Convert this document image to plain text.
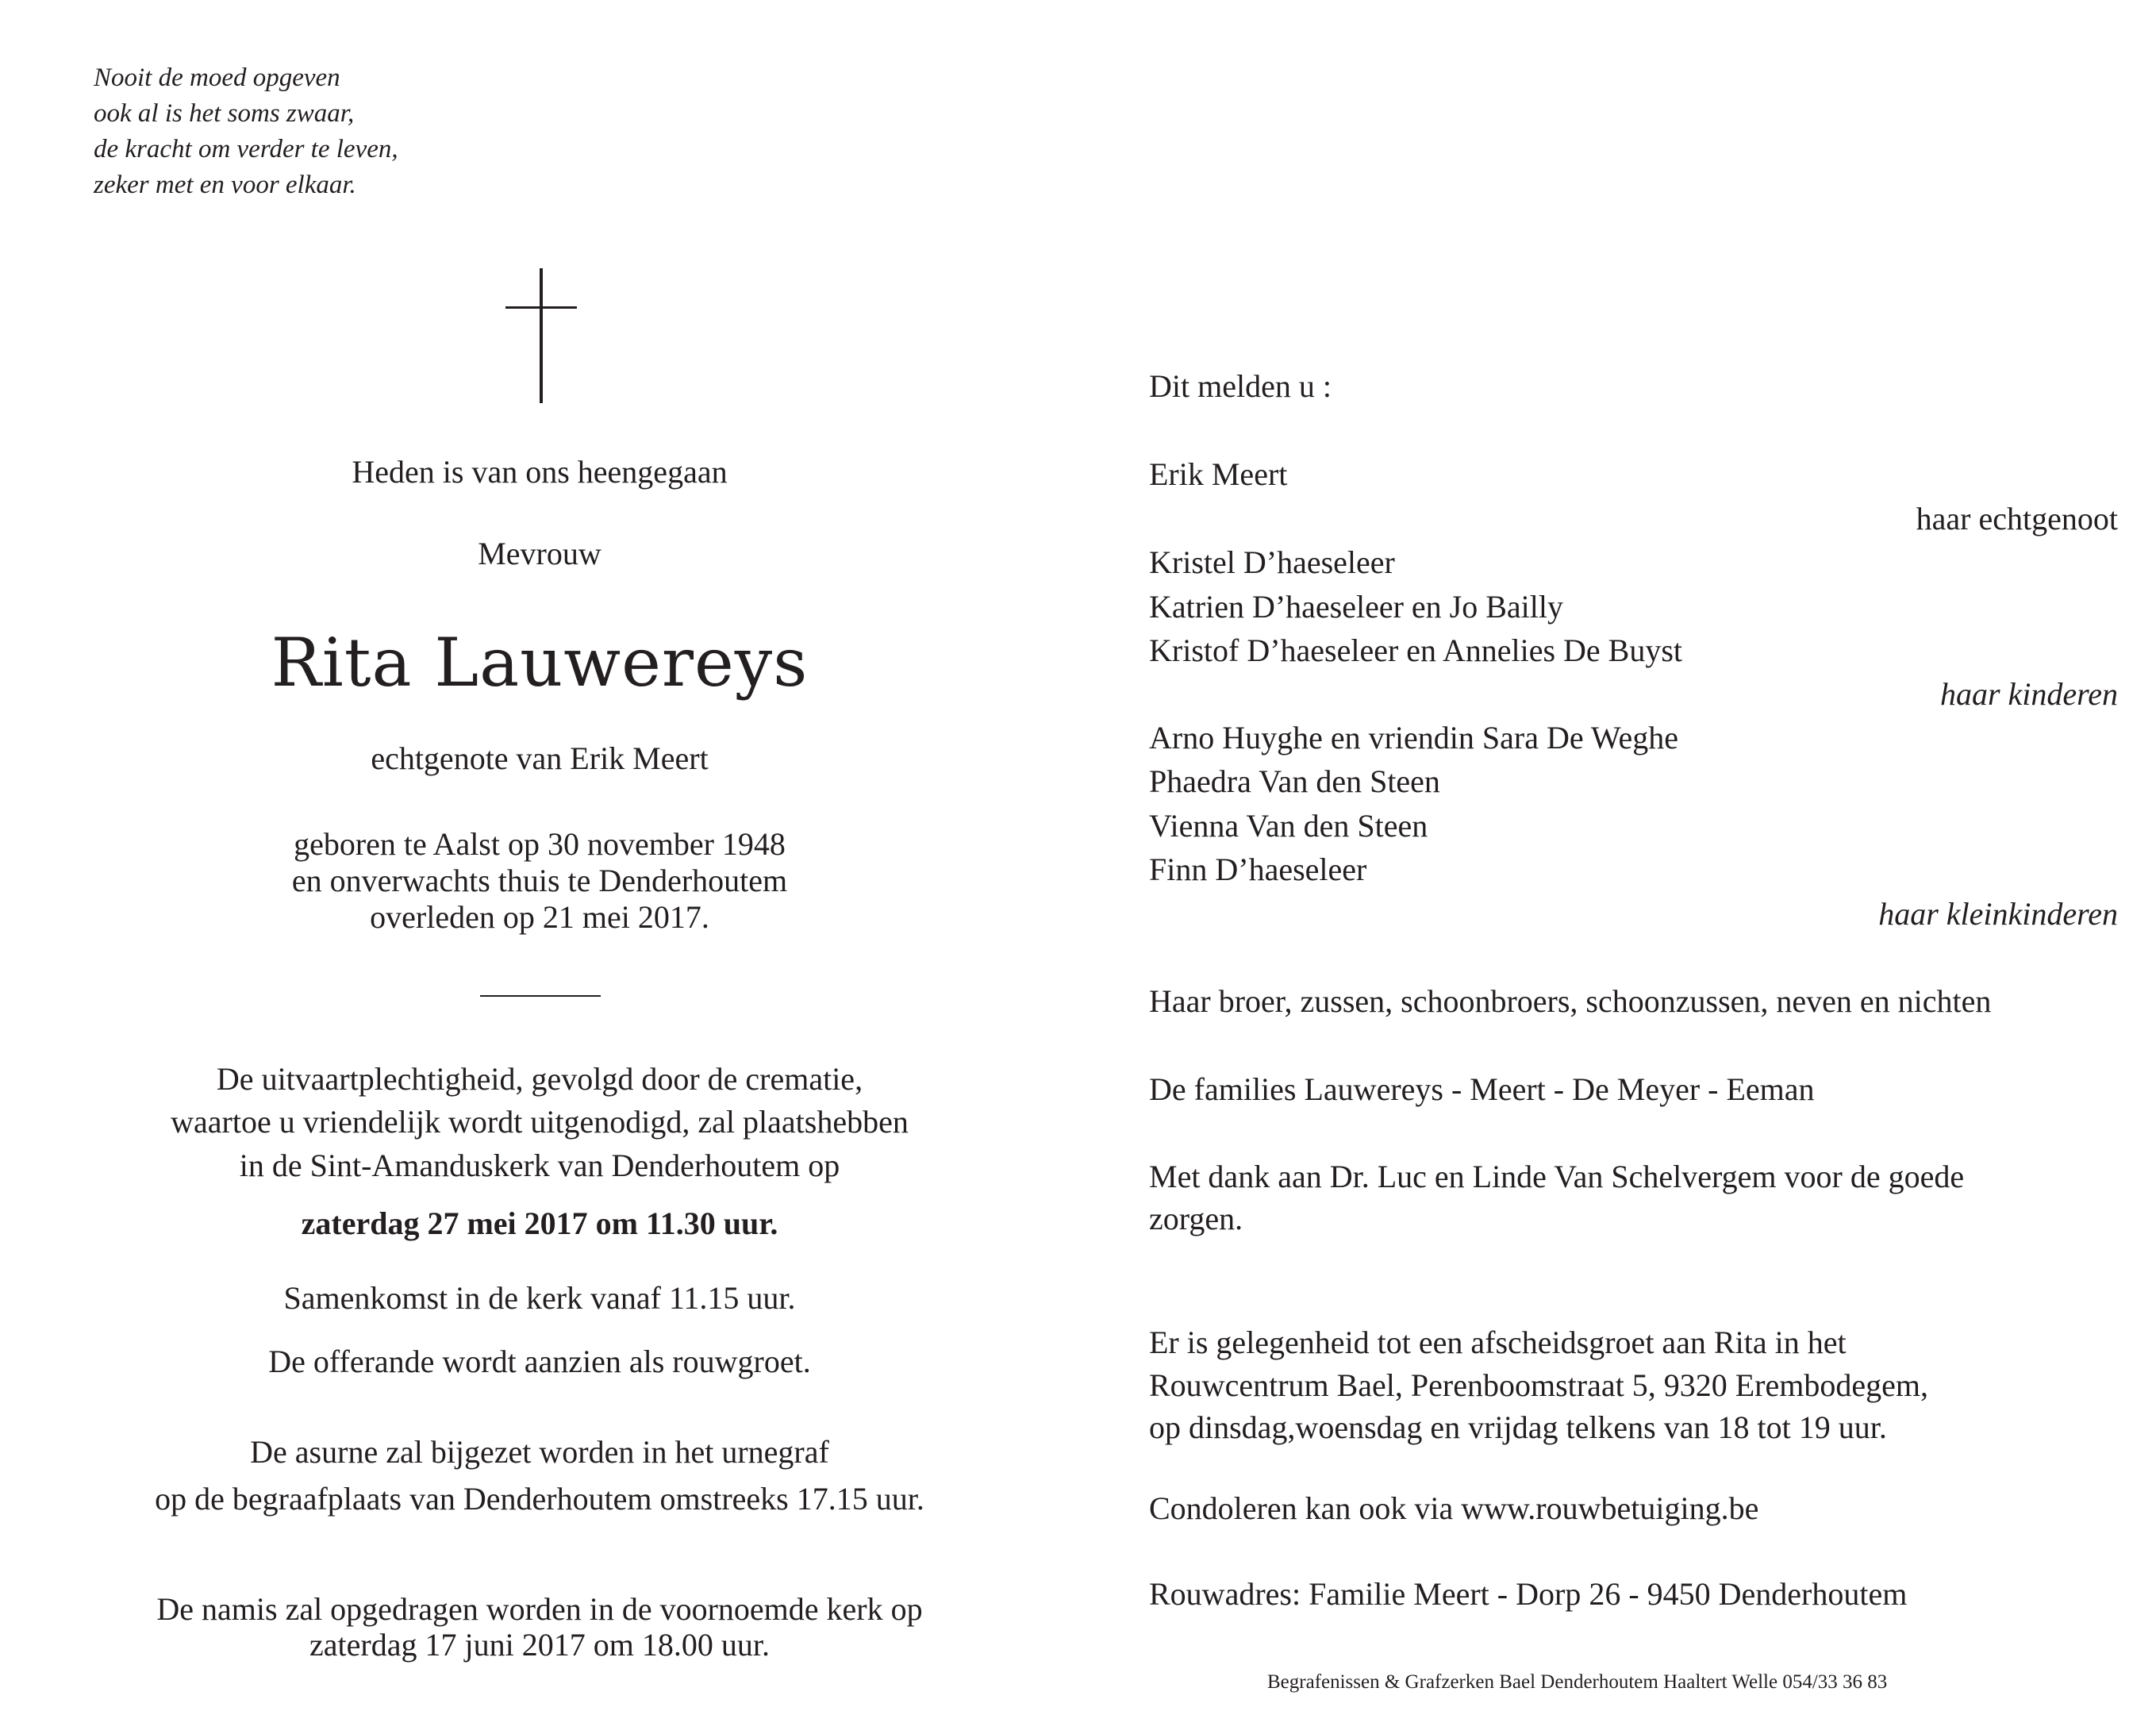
Nooit de moed opgeven
ook al is het soms zwaar,
de kracht om verder te leven,
zeker met en voor elkaar.
Heden is van ons heengegaan
Mevrouw
Rita Lauwereys
echtgenote van Erik Meert
geboren te Aalst op 30 november 1948
en onverwachts thuis te Denderhoutem
overleden op 21 mei 2017.
De uitvaartplechtigheid, gevolgd door de crematie,
waartoe u vriendelijk wordt uitgenodigd, zal plaatshebben
in de Sint-Amanduskerk van Denderhoutem op
zaterdag 27 mei 2017 om 11.30 uur.
Samenkomst in de kerk vanaf 11.15 uur.
De offerande wordt aanzien als rouwgroet.
De asurne zal bijgezet worden in het urnegraf
op de begraafplaats van Denderhoutem omstreeks 17.15 uur.
De namis zal opgedragen worden in de voornoemde kerk op
zaterdag 17 juni 2017 om 18.00 uur.
Dit melden u :
Erik Meert
haar echtgenoot
Kristel D’haeseleer
Katrien D’haeseleer en Jo Bailly
Kristof D’haeseleer en Annelies De Buyst
haar kinderen
Arno Huyghe en vriendin Sara De Weghe
Phaedra Van den Steen
Vienna Van den Steen
Finn D’haeseleer
haar kleinkinderen
Haar broer, zussen, schoonbroers, schoonzussen, neven en nichten
De families Lauwereys - Meert - De Meyer - Eeman
Met dank aan Dr. Luc en Linde Van Schelvergem voor de goede
zorgen.
Er is gelegenheid tot een afscheidsgroet aan Rita in het
Rouwcentrum Bael, Perenboomstraat 5, 9320 Erembodegem,
op dinsdag,woensdag en vrijdag telkens van 18 tot 19 uur.
Condoleren kan ook via www.rouwbetuiging.be
Rouwadres: Familie Meert - Dorp 26 - 9450 Denderhoutem
Begrafenissen & Grafzerken Bael Denderhoutem Haaltert Welle 054/33 36 83
